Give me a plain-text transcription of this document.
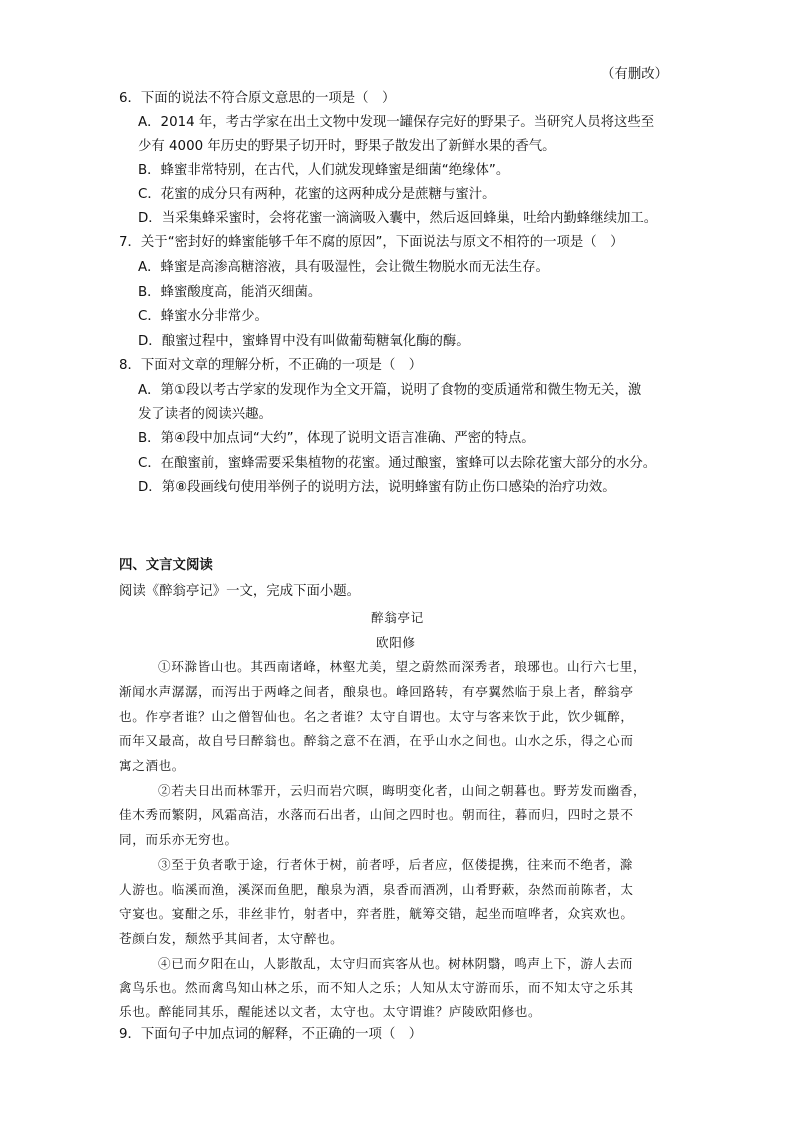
（有删改）
6．下面的说法不符合原文意思的一项是（　）
A．2014 年，考古学家在出土文物中发现一罐保存完好的野果子。当研究人员将这些至
少有 4000 年历史的野果子切开时，野果子散发出了新鲜水果的香气。
B．蜂蜜非常特别，在古代，人们就发现蜂蜜是细菌“绝缘体”。
C．花蜜的成分只有两种，花蜜的这两种成分是蔗糖与蜜汁。
D．当采集蜂采蜜时，会将花蜜一滴滴吸入囊中，然后返回蜂巢，吐给内勤蜂继续加工。
7．关于“密封好的蜂蜜能够千年不腐的原因”，下面说法与原文不相符的一项是（　）
A．蜂蜜是高渗高糖溶液，具有吸湿性，会让微生物脱水而无法生存。
B．蜂蜜酸度高，能消灭细菌。
C．蜂蜜水分非常少。
D．酿蜜过程中，蜜蜂胃中没有叫做葡萄糖氧化酶的酶。
8．下面对文章的理解分析，不正确的一项是（　）
A．第①段以考古学家的发现作为全文开篇，说明了食物的变质通常和微生物无关，激
发了读者的阅读兴趣。
B．第④段中加点词“大约”，体现了说明文语言准确、严密的特点。
C．在酿蜜前，蜜蜂需要采集植物的花蜜。通过酿蜜，蜜蜂可以去除花蜜大部分的水分。
D．第⑧段画线句使用举例子的说明方法，说明蜂蜜有防止伤口感染的治疗功效。
四、文言文阅读
阅读《醉翁亭记》一文，完成下面小题。
醉翁亭记
欧阳修
①环滁皆山也。其西南诸峰，林壑尤美，望之蔚然而深秀者，琅琊也。山行六七里，
渐闻水声潺潺，而泻出于两峰之间者，酿泉也。峰回路转，有亭翼然临于泉上者，醉翁亭
也。作亭者谁？山之僧智仙也。名之者谁？太守自谓也。太守与客来饮于此，饮少辄醉，
而年又最高，故自号曰醉翁也。醉翁之意不在酒，在乎山水之间也。山水之乐，得之心而
寓之酒也。
②若夫日出而林霏开，云归而岩穴暝，晦明变化者，山间之朝暮也。野芳发而幽香，
佳木秀而繁阴，风霜高洁，水落而石出者，山间之四时也。朝而往，暮而归，四时之景不
同，而乐亦无穷也。
③至于负者歌于途，行者休于树，前者呼，后者应，伛偻提携，往来而不绝者，滁
人游也。临溪而渔，溪深而鱼肥，酿泉为酒，泉香而酒冽，山肴野蔌，杂然而前陈者，太
守宴也。宴酣之乐，非丝非竹，射者中，弈者胜，觥筹交错，起坐而喧哗者，众宾欢也。
苍颜白发，颓然乎其间者，太守醉也。
④已而夕阳在山，人影散乱，太守归而宾客从也。树林阴翳，鸣声上下，游人去而
禽鸟乐也。然而禽鸟知山林之乐，而不知人之乐；人知从太守游而乐，而不知太守之乐其
乐也。醉能同其乐，醒能述以文者，太守也。太守谓谁？庐陵欧阳修也。
9．下面句子中加点词的解释，不正确的一项（　）
